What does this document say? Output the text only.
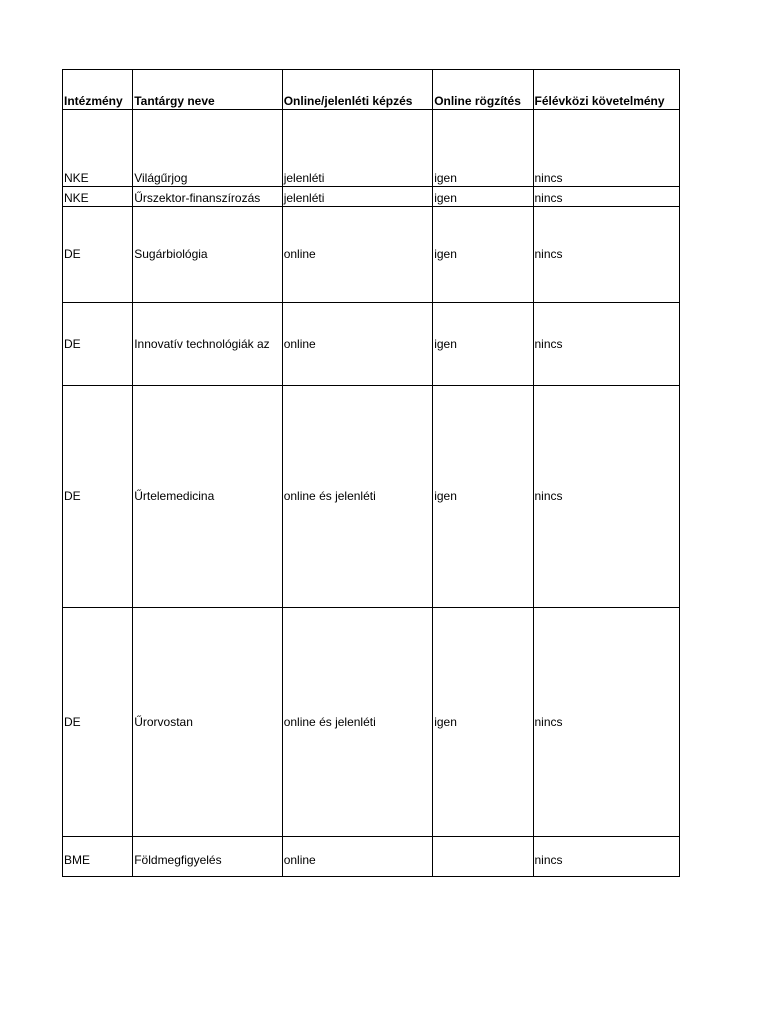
Intézmény	Tantárgy neve	Online/jelenléti képzés	Online rögzítés	Félévközi követelmény
NKE	Világűrjog	jelenléti	igen	nincs
NKE	Űrszektor-finanszírozás	jelenléti	igen	nincs
DE	Sugárbiológia	online	igen	nincs
DE	Innovatív technológiák az	online	igen	nincs
DE	Űrtelemedicina	online és jelenléti	igen	nincs
DE	Űrorvostan	online és jelenléti	igen	nincs
BME	Földmegfigyelés	online		nincs
